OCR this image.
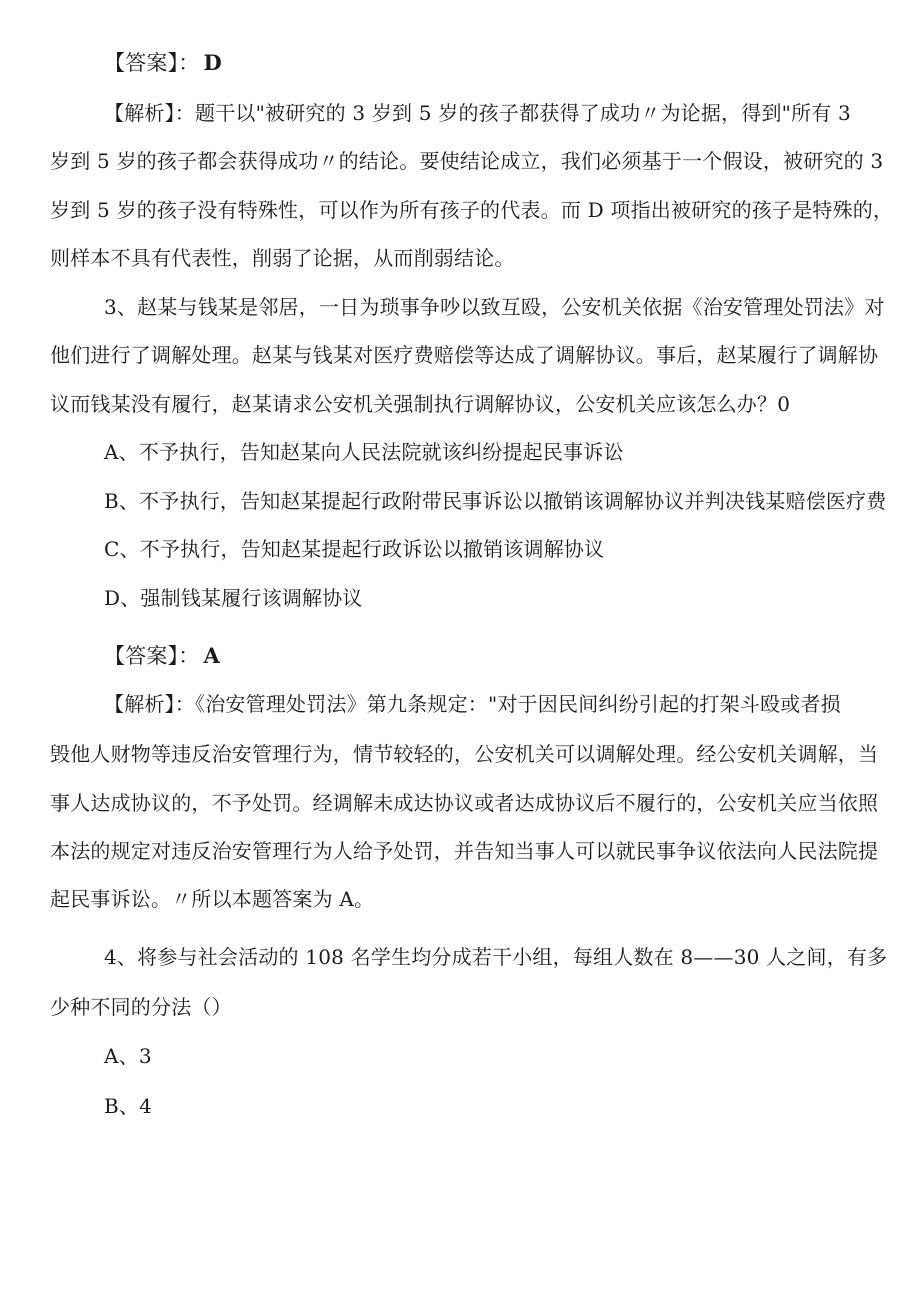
【答案】： D
【解析】：题干以"被研究的 3 岁到 5 岁的孩子都获得了成功〃为论据，得到"所有 3
岁到 5 岁的孩子都会获得成功〃的结论。要使结论成立，我们必须基于一个假设，被研究的 3
岁到 5 岁的孩子没有特殊性，可以作为所有孩子的代表。而 D 项指出被研究的孩子是特殊的，
则样本不具有代表性，削弱了论据，从而削弱结论。
3、赵某与钱某是邻居，一日为琐事争吵以致互殴，公安机关依据《治安管理处罚法》对
他们进行了调解处理。赵某与钱某对医疗费赔偿等达成了调解协议。事后，赵某履行了调解协
议而钱某没有履行，赵某请求公安机关强制执行调解协议，公安机关应该怎么办？0
A、不予执行，告知赵某向人民法院就该纠纷提起民事诉讼
B、不予执行，告知赵某提起行政附带民事诉讼以撤销该调解协议并判决钱某赔偿医疗费
C、不予执行，告知赵某提起行政诉讼以撤销该调解协议
D、强制钱某履行该调解协议
【答案】： A
【解析】：《治安管理处罚法》第九条规定："对于因民间纠纷引起的打架斗殴或者损
毁他人财物等违反治安管理行为，情节较轻的，公安机关可以调解处理。经公安机关调解，当
事人达成协议的，不予处罚。经调解未成达协议或者达成协议后不履行的，公安机关应当依照
本法的规定对违反治安管理行为人给予处罚，并告知当事人可以就民事争议依法向人民法院提
起民事诉讼。〃所以本题答案为 A。
4、将参与社会活动的 108 名学生均分成若干小组，每组人数在 8——30 人之间，有多
少种不同的分法（）
A、3
B、4
